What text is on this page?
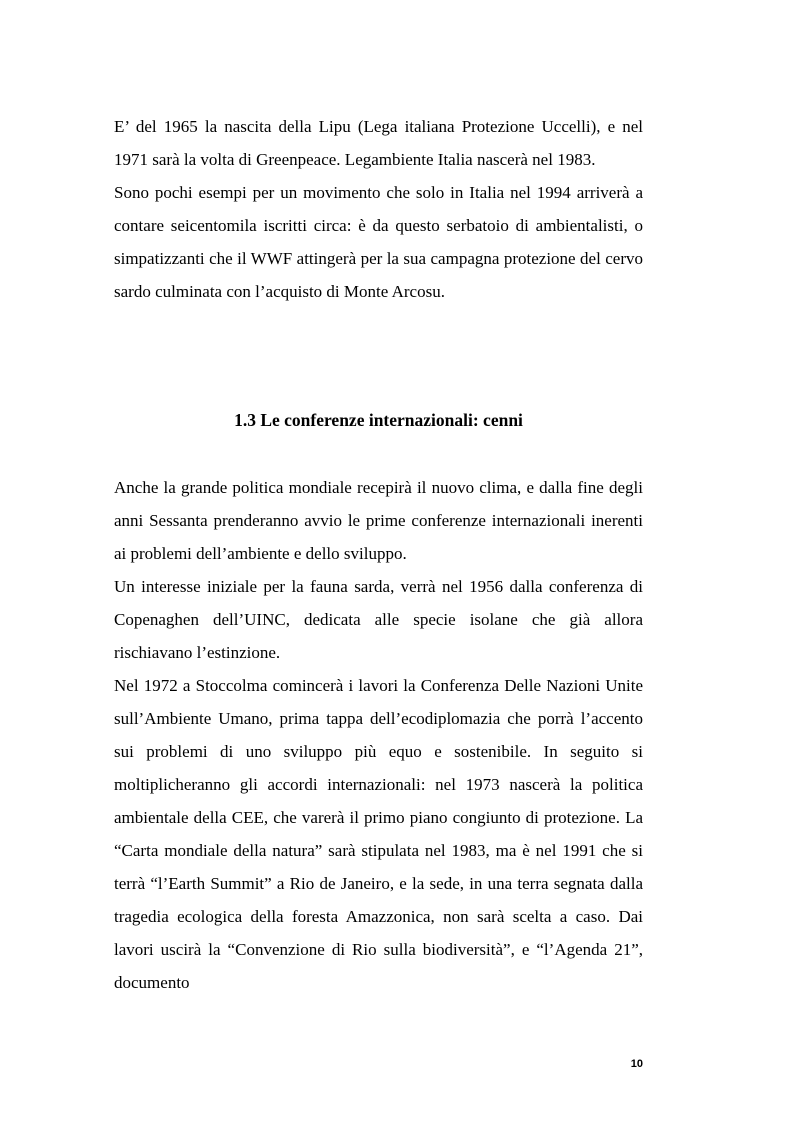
E’ del 1965 la nascita della Lipu (Lega italiana Protezione Uccelli), e nel 1971 sarà la volta di Greenpeace. Legambiente Italia nascerà nel 1983.

Sono pochi esempi per un movimento che solo in Italia nel 1994 arriverà a contare seicentomila iscritti circa: è da questo serbatoio di ambientalisti, o simpatizzanti che il WWF attingerà per la sua campagna protezione del cervo sardo culminata con l’acquisto di Monte Arcosu.

1.3 Le conferenze internazionali: cenni

Anche la grande politica mondiale recepirà il nuovo clima, e dalla fine degli anni Sessanta prenderanno avvio le prime conferenze internazionali inerenti ai problemi dell’ambiente e dello sviluppo.

Un interesse iniziale per la fauna sarda, verrà nel 1956 dalla conferenza di Copenaghen dell’UINC, dedicata alle specie isolane che già allora rischiavano l’estinzione.

Nel 1972 a Stoccolma comincerà i lavori la Conferenza Delle Nazioni Unite sull’Ambiente Umano, prima tappa dell’ecodiplomazia che porrà l’accento sui problemi di uno sviluppo più equo e sostenibile. In seguito si moltiplicheranno gli accordi internazionali: nel 1973 nascerà la politica ambientale della CEE, che varerà il primo piano congiunto di protezione. La “Carta mondiale della natura” sarà stipulata nel 1983, ma è nel 1991 che si terrà “l’Earth Summit” a Rio de Janeiro, e la sede, in una terra segnata dalla tragedia ecologica della foresta Amazzonica, non sarà scelta a caso. Dai lavori uscirà la “Convenzione di Rio sulla biodiversità”, e “l’Agenda 21”, documento

10
